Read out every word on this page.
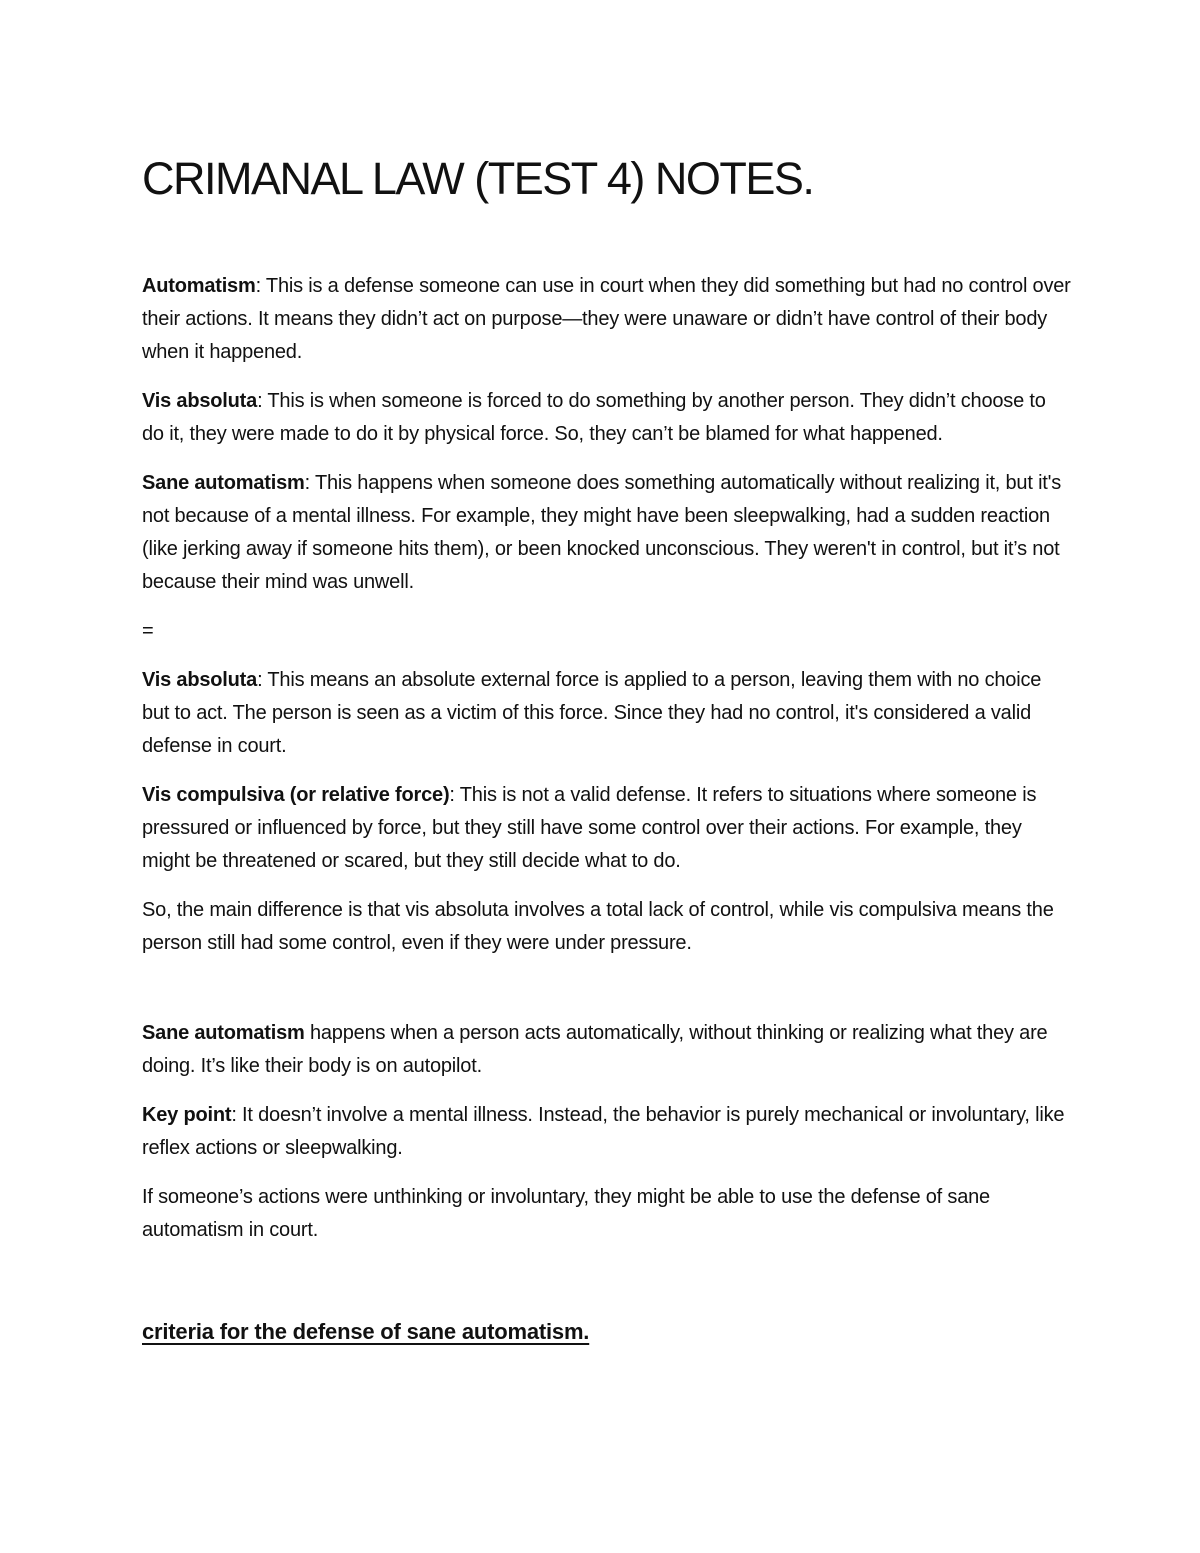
CRIMANAL LAW (TEST 4) NOTES.

Automatism: This is a defense someone can use in court when they did something but had no control over their actions. It means they didn’t act on purpose—they were unaware or didn’t have control of their body when it happened.

Vis absoluta: This is when someone is forced to do something by another person. They didn’t choose to do it, they were made to do it by physical force. So, they can’t be blamed for what happened.

Sane automatism: This happens when someone does something automatically without realizing it, but it's not because of a mental illness. For example, they might have been sleepwalking, had a sudden reaction (like jerking away if someone hits them), or been knocked unconscious. They weren't in control, but it’s not because their mind was unwell.

=

Vis absoluta: This means an absolute external force is applied to a person, leaving them with no choice but to act. The person is seen as a victim of this force. Since they had no control, it's considered a valid defense in court.

Vis compulsiva (or relative force): This is not a valid defense. It refers to situations where someone is pressured or influenced by force, but they still have some control over their actions. For example, they might be threatened or scared, but they still decide what to do.

So, the main difference is that vis absoluta involves a total lack of control, while vis compulsiva means the person still had some control, even if they were under pressure.

Sane automatism happens when a person acts automatically, without thinking or realizing what they are doing. It’s like their body is on autopilot.

Key point: It doesn’t involve a mental illness. Instead, the behavior is purely mechanical or involuntary, like reflex actions or sleepwalking.

If someone’s actions were unthinking or involuntary, they might be able to use the defense of sane automatism in court.

criteria for the defense of sane automatism.
